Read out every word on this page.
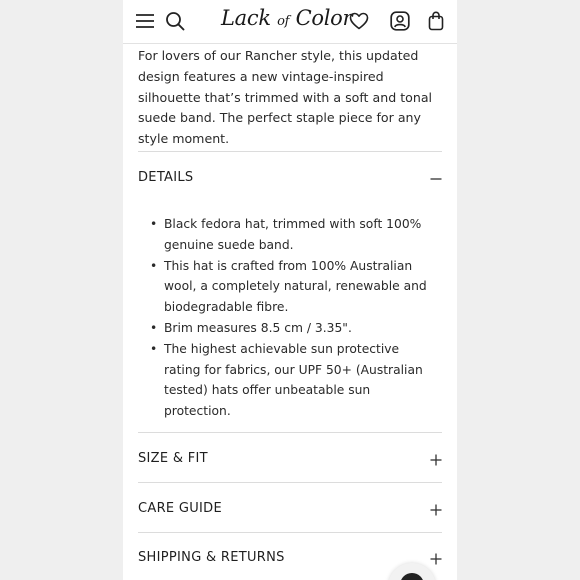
Lack of Color
For lovers of our Rancher style, this updated design features a new vintage-inspired silhouette that’s trimmed with a soft and tonal suede band. The perfect staple piece for any style moment.
DETAILS
• Black fedora hat, trimmed with soft 100% genuine suede band.
• This hat is crafted from 100% Australian wool, a completely natural, renewable and biodegradable fibre.
• Brim measures 8.5 cm / 3.35".
• The highest achievable sun protective rating for fabrics, our UPF 50+ (Australian tested) hats offer unbeatable sun protection.
SIZE & FIT
CARE GUIDE
SHIPPING & RETURNS
